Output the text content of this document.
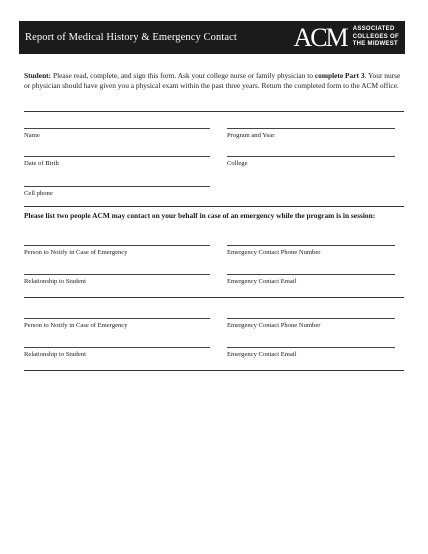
Report of Medical History & Emergency Contact ACM ASSOCIATED
COLLEGES OF
THE MIDWEST
Student: Please read, complete, and sign this form. Ask your college nurse or family physician to complete Part 3. Your nurse or physician should have given you a physical exam within the past three years. Return the completed form to the ACM office.
Name	Program and Year
Date of Birth	College
Cell phone
Please list two people ACM may contact on your behalf in case of an emergency while the program is in session:
Person to Notify in Case of Emergency	Emergency Contact Phone Number
Relationship to Student	Emergency Contact Email
Person to Notify in Case of Emergency	Emergency Contact Phone Number
Relationship to Student	Emergency Contact Email
